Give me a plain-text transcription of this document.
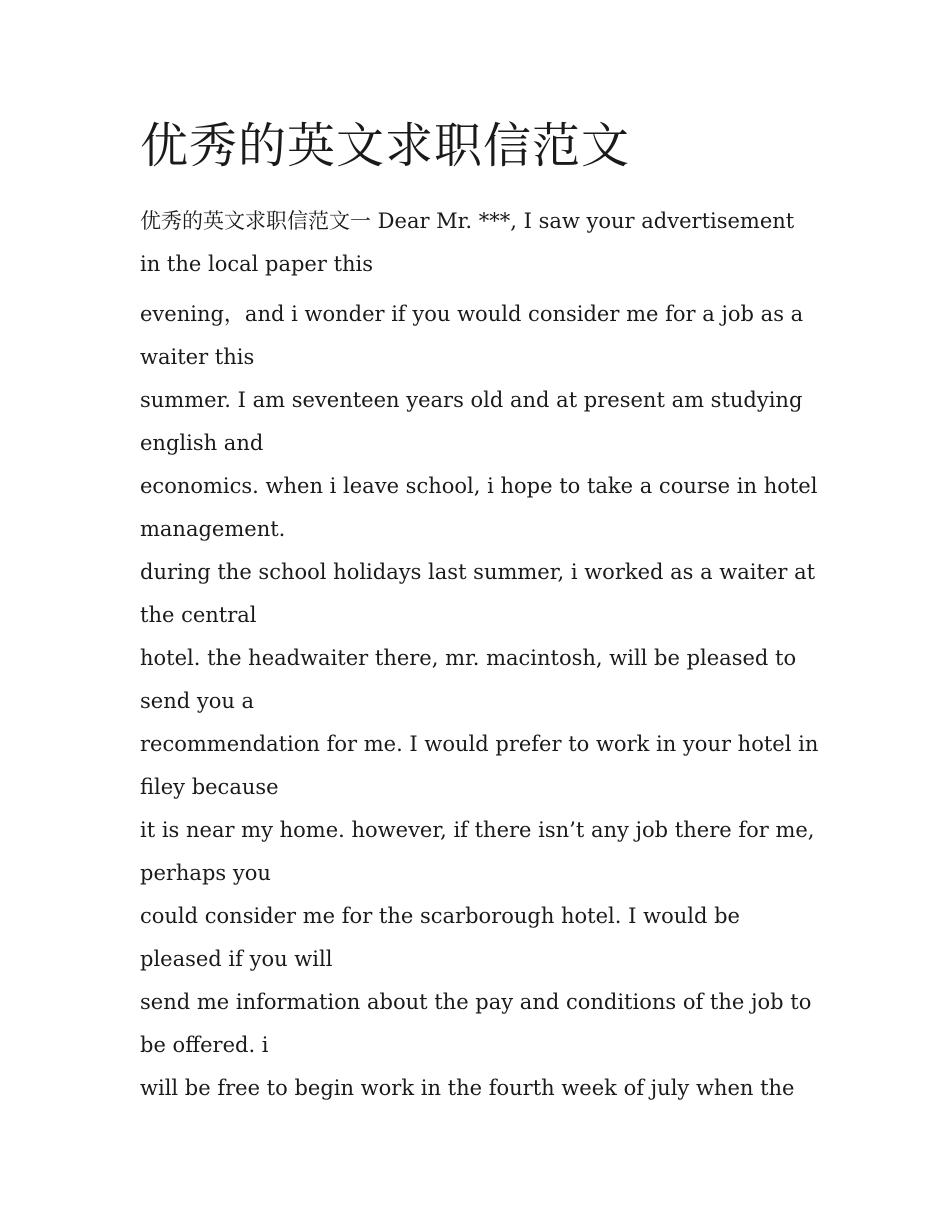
优秀的英文求职信范文

优秀的英文求职信范文一 Dear Mr. ***, I saw your advertisement in the local paper this

evening，and i wonder if you would consider me for a job as a waiter this

summer. I am seventeen years old and at present am studying english and

economics. when i leave school, i hope to take a course in hotel management.

during the school holidays last summer, i worked as a waiter at the central

hotel. the headwaiter there, mr. macintosh, will be pleased to send you a

recommendation for me. I would prefer to work in your hotel in filey because

it is near my home. however, if there isn’t any job there for me, perhaps you

could consider me for the scarborough hotel. I would be pleased if you will

send me information about the pay and conditions of the job to be offered. i

will be free to begin work in the fourth week of july when the
